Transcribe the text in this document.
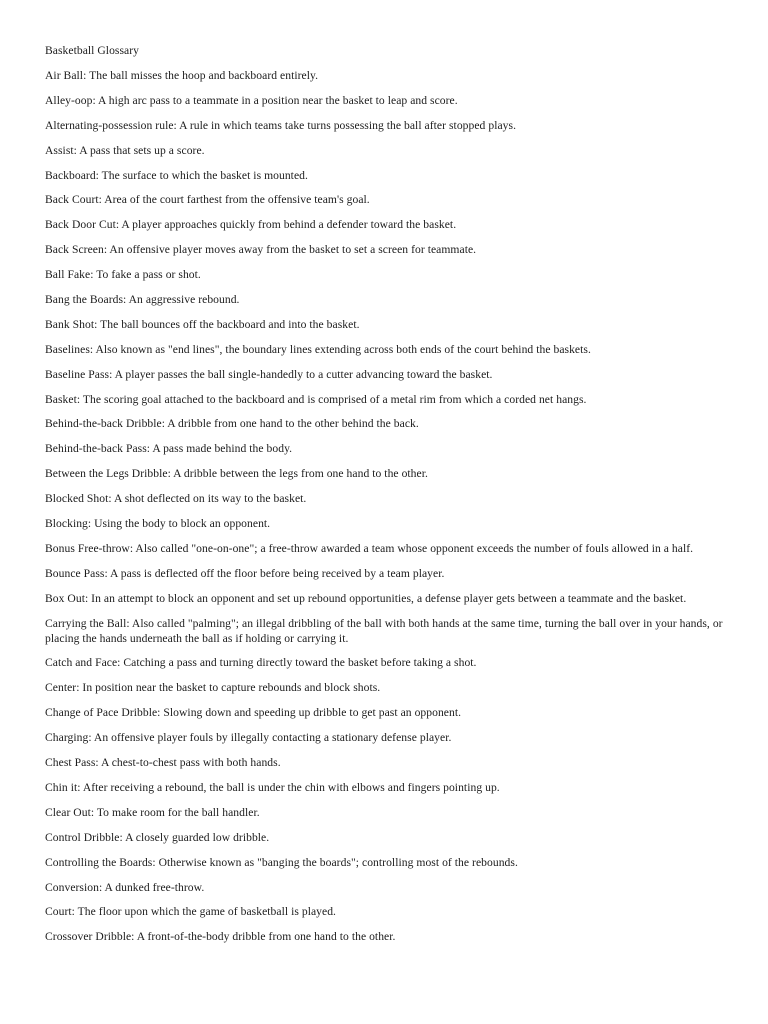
Basketball Glossary

Air Ball: The ball misses the hoop and backboard entirely.

Alley-oop: A high arc pass to a teammate in a position near the basket to leap and score.

Alternating-possession rule: A rule in which teams take turns possessing the ball after stopped plays.

Assist: A pass that sets up a score.

Backboard: The surface to which the basket is mounted.

Back Court: Area of the court farthest from the offensive team's goal.

Back Door Cut: A player approaches quickly from behind a defender toward the basket.

Back Screen: An offensive player moves away from the basket to set a screen for teammate.

Ball Fake: To fake a pass or shot.

Bang the Boards: An aggressive rebound.

Bank Shot: The ball bounces off the backboard and into the basket.

Baselines: Also known as "end lines", the boundary lines extending across both ends of the court behind the baskets.

Baseline Pass: A player passes the ball single-handedly to a cutter advancing toward the basket.

Basket: The scoring goal attached to the backboard and is comprised of a metal rim from which a corded net hangs.

Behind-the-back Dribble: A dribble from one hand to the other behind the back.

Behind-the-back Pass: A pass made behind the body.

Between the Legs Dribble: A dribble between the legs from one hand to the other.

Blocked Shot: A shot deflected on its way to the basket.

Blocking: Using the body to block an opponent.

Bonus Free-throw: Also called "one-on-one"; a free-throw awarded a team whose opponent exceeds the number of fouls allowed in a half.

Bounce Pass: A pass is deflected off the floor before being received by a team player.

Box Out: In an attempt to block an opponent and set up rebound opportunities, a defense player gets between a teammate and the basket.

Carrying the Ball: Also called "palming"; an illegal dribbling of the ball with both hands at the same time, turning the ball over in your hands, or placing the hands underneath the ball as if holding or carrying it.

Catch and Face: Catching a pass and turning directly toward the basket before taking a shot.

Center: In position near the basket to capture rebounds and block shots.

Change of Pace Dribble: Slowing down and speeding up dribble to get past an opponent.

Charging: An offensive player fouls by illegally contacting a stationary defense player.

Chest Pass: A chest-to-chest pass with both hands.

Chin it: After receiving a rebound, the ball is under the chin with elbows and fingers pointing up.

Clear Out: To make room for the ball handler.

Control Dribble: A closely guarded low dribble.

Controlling the Boards: Otherwise known as "banging the boards"; controlling most of the rebounds.

Conversion: A dunked free-throw.

Court: The floor upon which the game of basketball is played.

Crossover Dribble: A front-of-the-body dribble from one hand to the other.
